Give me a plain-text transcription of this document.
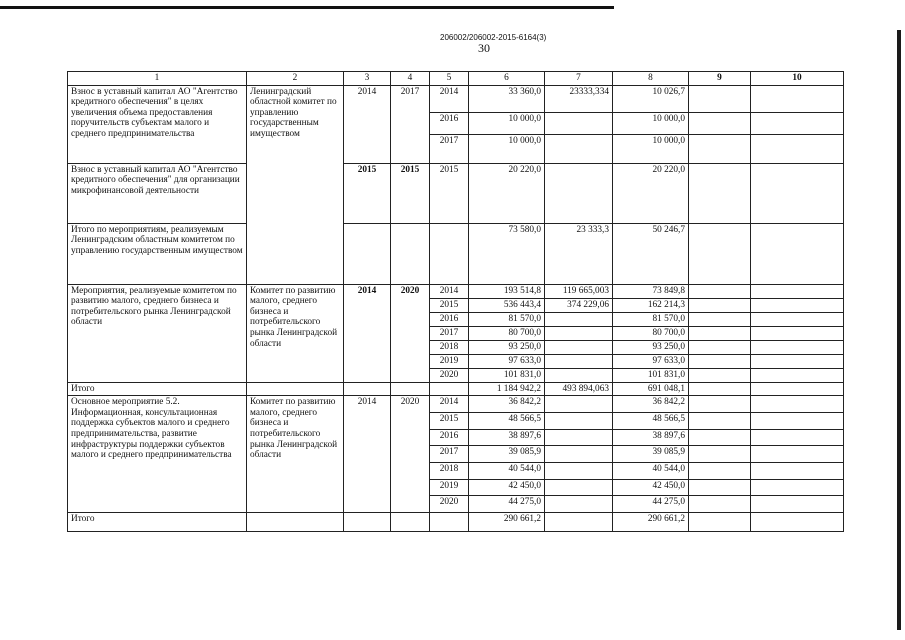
206002/206002-2015-6164(3)
30
1	2	3	4	5	6	7	8	9	10
Взнос в уставный капитал АО "Агентство кредитного обеспечения" в целях увеличения объема предоставления поручительств субъектам малого и среднего предпринимательства	Ленинградский областной комитет по управлению государственным имуществом	2014	2017	2014	33 360,0	23333,334	10 026,7		
				2016	10 000,0		10 000,0		
				2017	10 000,0		10 000,0		
Взнос в уставный капитал АО "Агентство кредитного обеспечения" для организации микрофинансовой деятельности		2015	2015	2015	20 220,0		20 220,0		
Итого по мероприятиям, реализуемым Ленинградским областным комитетом по управлению государственным имуществом					73 580,0	23 333,3	50 246,7		
Мероприятия, реализуемые комитетом по развитию малого, среднего бизнеса и потребительского рынка Ленинградской области	Комитет по развитию малого, среднего бизнеса и потребительского рынка Ленинградской области	2014	2020	2014	193 514,8	119 665,003	73 849,8		
				2015	536 443,4	374 229,06	162 214,3		
				2016	81 570,0		81 570,0		
				2017	80 700,0		80 700,0		
				2018	93 250,0		93 250,0		
				2019	97 633,0		97 633,0		
				2020	101 831,0		101 831,0		
Итого					1 184 942,2	493 894,063	691 048,1		
Основное мероприятие 5.2. Информационная, консультационная поддержка субъектов малого и среднего предпринимательства, развитие инфраструктуры поддержки субъектов малого и среднего предпринимательства	Комитет по развитию малого, среднего бизнеса и потребительского рынка Ленинградской области	2014	2020	2014	36 842,2		36 842,2		
				2015	48 566,5		48 566,5		
				2016	38 897,6		38 897,6		
				2017	39 085,9		39 085,9		
				2018	40 544,0		40 544,0		
				2019	42 450,0		42 450,0		
				2020	44 275,0		44 275,0		
Итого					290 661,2		290 661,2		
